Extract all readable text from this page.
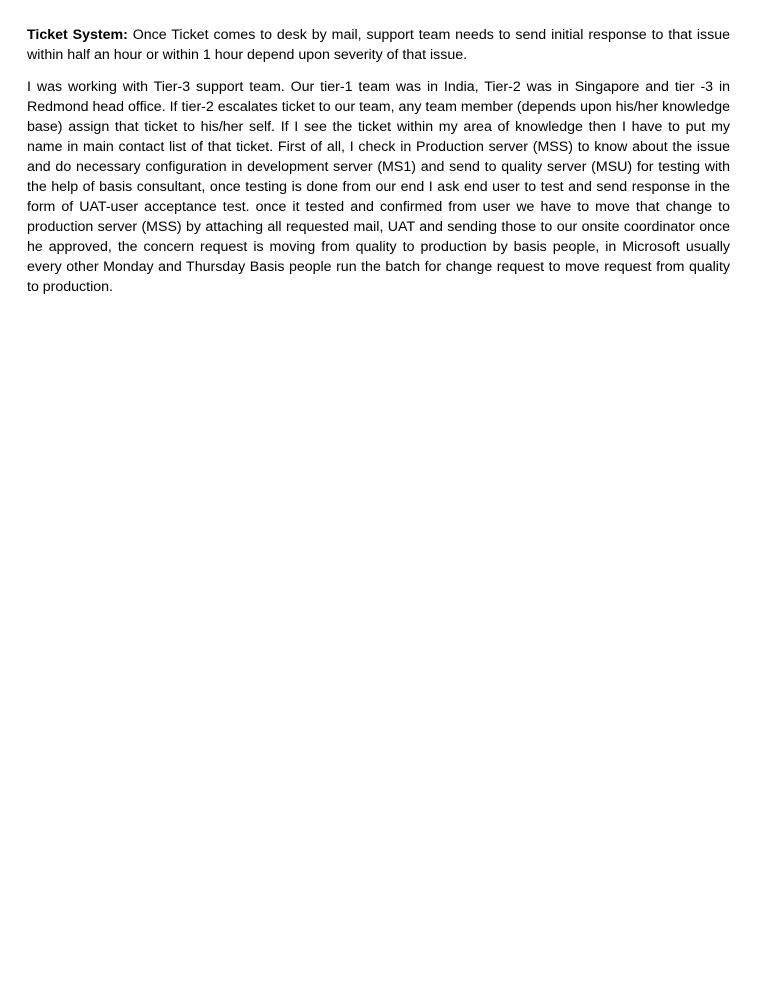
Ticket System: Once Ticket comes to desk by mail, support team needs to send initial response to that issue within half an hour or within 1 hour depend upon severity of that issue.

I was working with Tier-3 support team. Our tier-1 team was in India, Tier-2 was in Singapore and tier -3 in Redmond head office. If tier-2 escalates ticket to our team, any team member (depends upon his/her knowledge base) assign that ticket to his/her self. If I see the ticket within my area of knowledge then I have to put my name in main contact list of that ticket. First of all, I check in Production server (MSS) to know about the issue  and do necessary configuration in development server (MS1) and send to quality server (MSU) for testing with the help of basis consultant, once testing is done from our end I ask end user to test and send response in the form of UAT-user acceptance test. once it tested and confirmed from user we have to move that change to production server (MSS) by attaching all requested mail, UAT and sending those to our onsite coordinator once he approved, the concern request is moving from quality to production by basis people, in Microsoft usually every other Monday and Thursday Basis people run the batch for change request to move request from quality to production.
